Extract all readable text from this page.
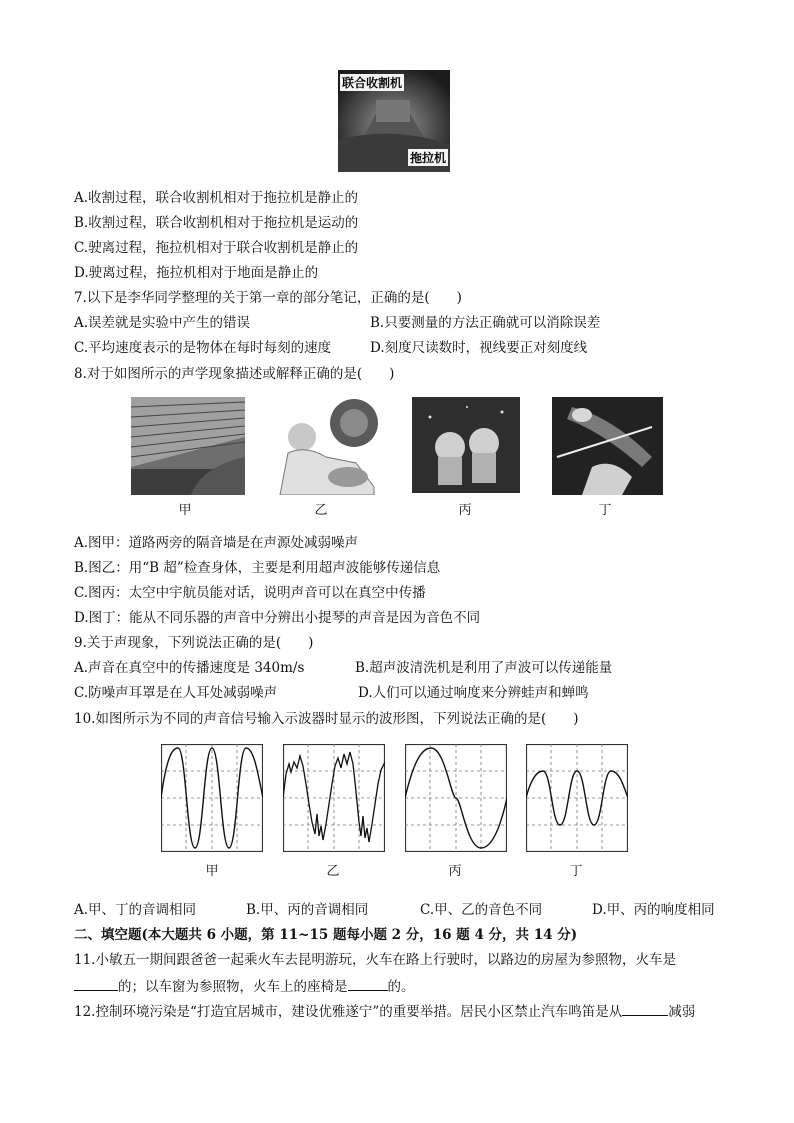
联合收割机
拖拉机
A.收割过程，联合收割机相对于拖拉机是静止的
B.收割过程，联合收割机相对于拖拉机是运动的
C.驶离过程，拖拉机相对于联合收割机是静止的
D.驶离过程，拖拉机相对于地面是静止的
7.以下是李华同学整理的关于第一章的部分笔记，正确的是(　　)
A.误差就是实验中产生的错误	B.只要测量的方法正确就可以消除误差
C.平均速度表示的是物体在每时每刻的速度	D.刻度尺读数时，视线要正对刻度线
8.对于如图所示的声学现象描述或解释正确的是(　　)
甲	乙	丙	丁
A.图甲：道路两旁的隔音墙是在声源处减弱噪声
B.图乙：用“B 超”检查身体，主要是利用超声波能够传递信息
C.图丙：太空中宇航员能对话，说明声音可以在真空中传播
D.图丁：能从不同乐器的声音中分辨出小提琴的声音是因为音色不同
9.关于声现象，下列说法正确的是(　　)
A.声音在真空中的传播速度是 340m/s	B.超声波清洗机是利用了声波可以传递能量
C.防噪声耳罩是在人耳处减弱噪声	D.人们可以通过响度来分辨蛙声和蝉鸣
10.如图所示为不同的声音信号输入示波器时显示的波形图，下列说法正确的是(　　)
甲	乙	丙	丁
A.甲、丁的音调相同	B.甲、丙的音调相同	C.甲、乙的音色不同	D.甲、丙的响度相同
二、填空题(本大题共 6 小题，第 11~15 题每小题 2 分，16 题 4 分，共 14 分)
11.小敏五一期间跟爸爸一起乘火车去昆明游玩，火车在路上行驶时，以路边的房屋为参照物，火车是
的；以车窗为参照物，火车上的座椅是	的。
12.控制环境污染是“打造宜居城市，建设优雅遂宁”的重要举措。居民小区禁止汽车鸣笛是从	减弱
